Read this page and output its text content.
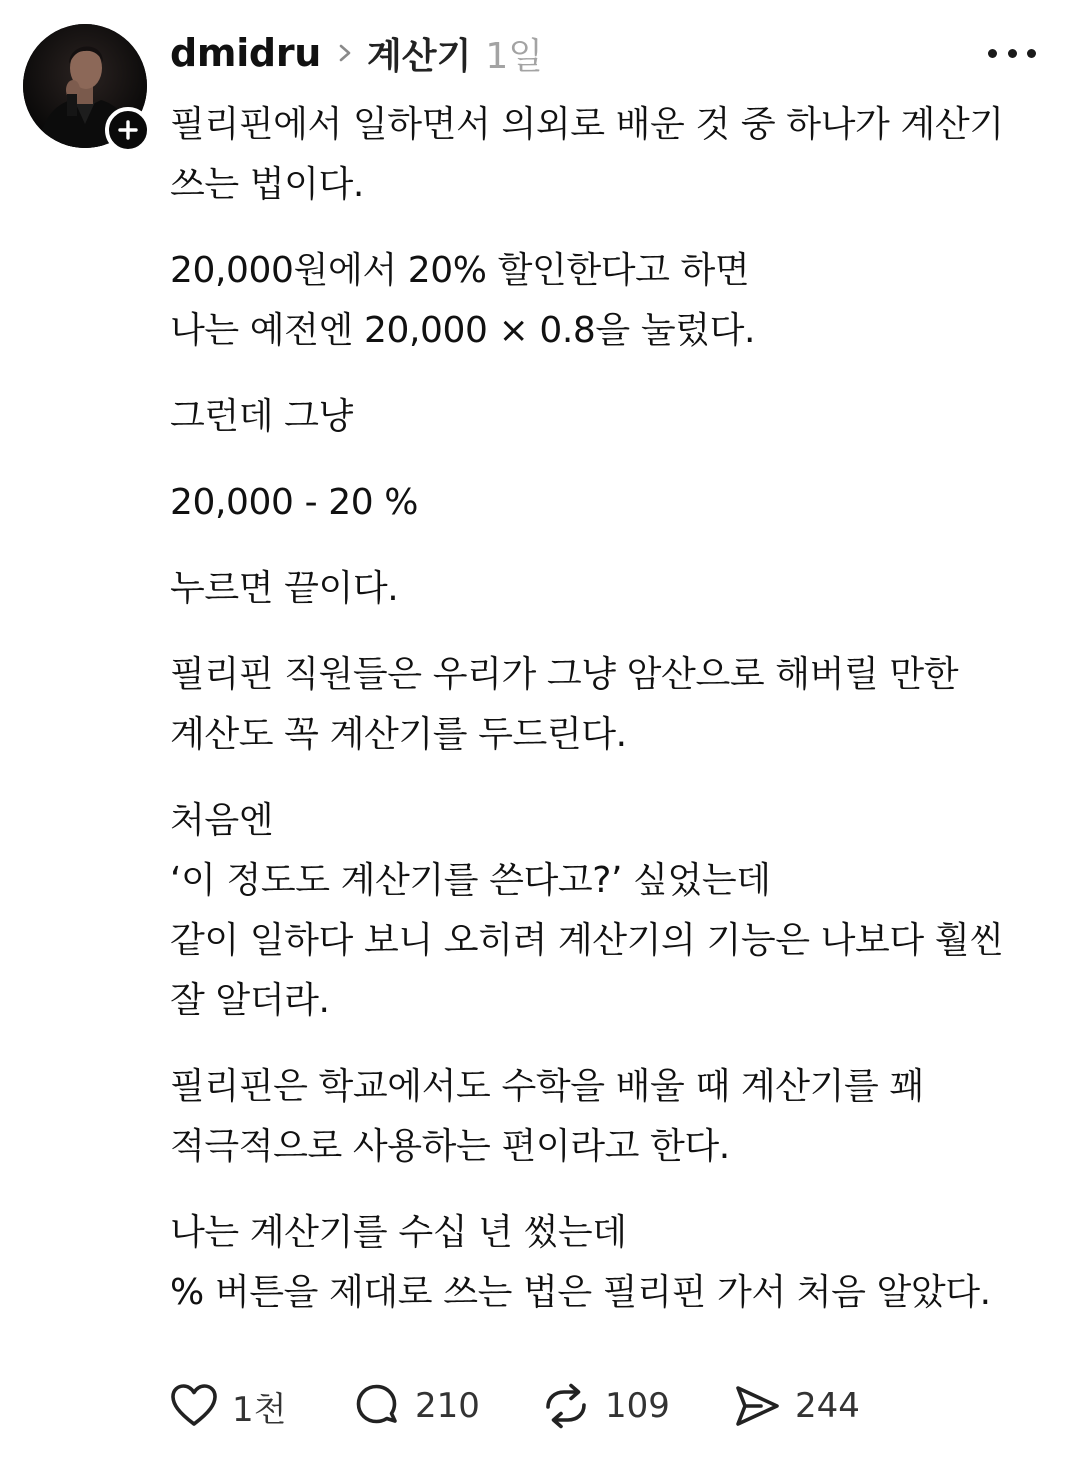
dmidru 계산기 1일
필리핀에서 일하면서 의외로 배운 것 중 하나가 계산기
쓰는 법이다.
20,000원에서 20% 할인한다고 하면
나는 예전엔 20,000 × 0.8을 눌렀다.
그런데 그냥
20,000 - 20 %
누르면 끝이다.
필리핀 직원들은 우리가 그냥 암산으로 해버릴 만한
계산도 꼭 계산기를 두드린다.
처음엔
‘이 정도도 계산기를 쓴다고?’ 싶었는데
같이 일하다 보니 오히려 계산기의 기능은 나보다 훨씬
잘 알더라.
필리핀은 학교에서도 수학을 배울 때 계산기를 꽤
적극적으로 사용하는 편이라고 한다.
나는 계산기를 수십 년 썼는데
% 버튼을 제대로 쓰는 법은 필리핀 가서 처음 알았다.
1천	210	109	244
